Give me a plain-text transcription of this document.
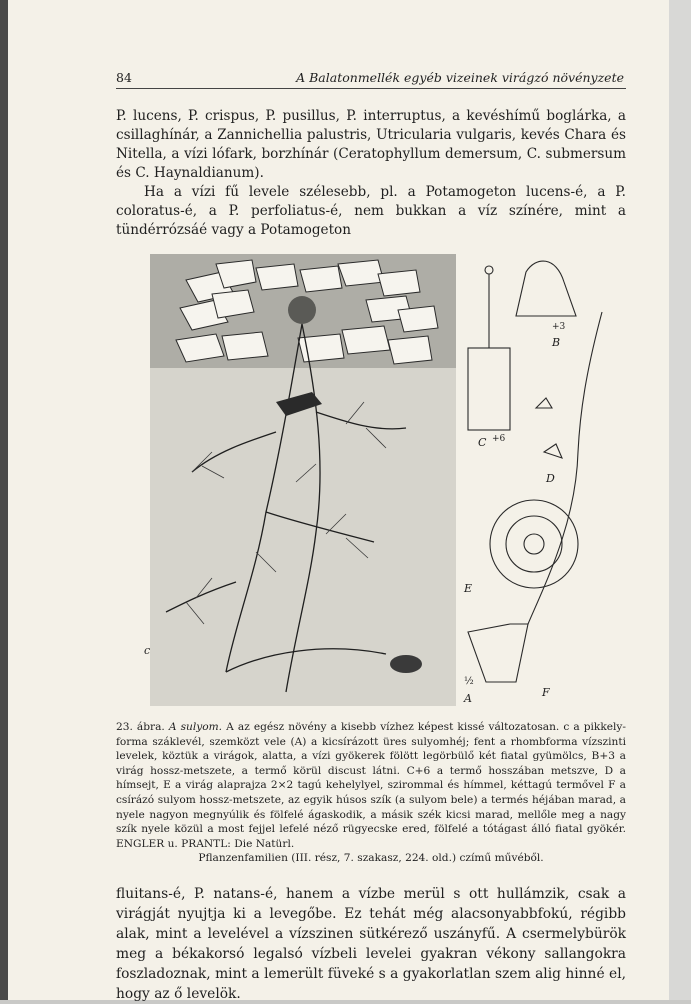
84	A Balatonmellék egyéb vizeinek virágzó növényzete

P. lucens, P. crispus, P. pusillus, P. interruptus, a kevéshímű boglárka, a csillaghínár, a Zannichellia palustris, Utricularia vulgaris, kevés Chara és Nitella, a vízi lófark, borzhínár (Ceratophyllum demersum, C. submersum és C. Haynaldianum).

Ha a vízi fű levele szélesebb, pl. a Potamogeton lucens-é, a P. coloratus-é, a P. perfoliatus-é, nem bukkan a víz színére, mint a tündérrózsáé vagy a Potamogeton

c
+3
B
+6
C
D
E
F
½
A
23. ábra. A sulyom. A az egész növény a kisebb vízhez képest kissé változatosan. c a pikkely-forma száklevél, szemközt vele (A) a kicsírázott üres sulyomhéj; fent a rhombforma vízszinti levelek, köztük a virágok, alatta, a vízi gyökerek fölött legörbülő két fiatal gyümölcs, B+3 a virág hossz-metszete, a termő körül discust látni. C+6 a termő hosszában metszve, D a hímsejt, E a virág alaprajza 2×2 tagú kehelylyel, szirommal és hímmel, kéttagú termővel F a csírázó sulyom hossz-metszete, az egyik húsos szík (a sulyom bele) a termés héjában marad, a nyele nagyon megnyúlik és fölfelé ágaskodik, a másik szék kicsi marad, mellőle meg a nagy szík nyele közül a most fejjel lefelé néző rügyecske ered, fölfelé a tótágast álló fiatal gyökér. ENGLER u. PRANTL: Die Natürl.
Pflanzenfamilien (III. rész, 7. szakasz, 224. old.) czímű művéből.

fluitans-é, P. natans-é, hanem a vízbe merül s ott hullámzik, csak a virágját nyujtja ki a levegőbe. Ez tehát még alacsonyabbfokú, régibb alak, mint a levelével a vízszinen sütkérező uszányfű. A csermelybürök meg a békakorsó legalsó vízbeli levelei gyakran vékony sallangokra foszladoznak, mint a lemerült füveké s a gyakorlatlan szem alig hinné el, hogy az ő levelök.
